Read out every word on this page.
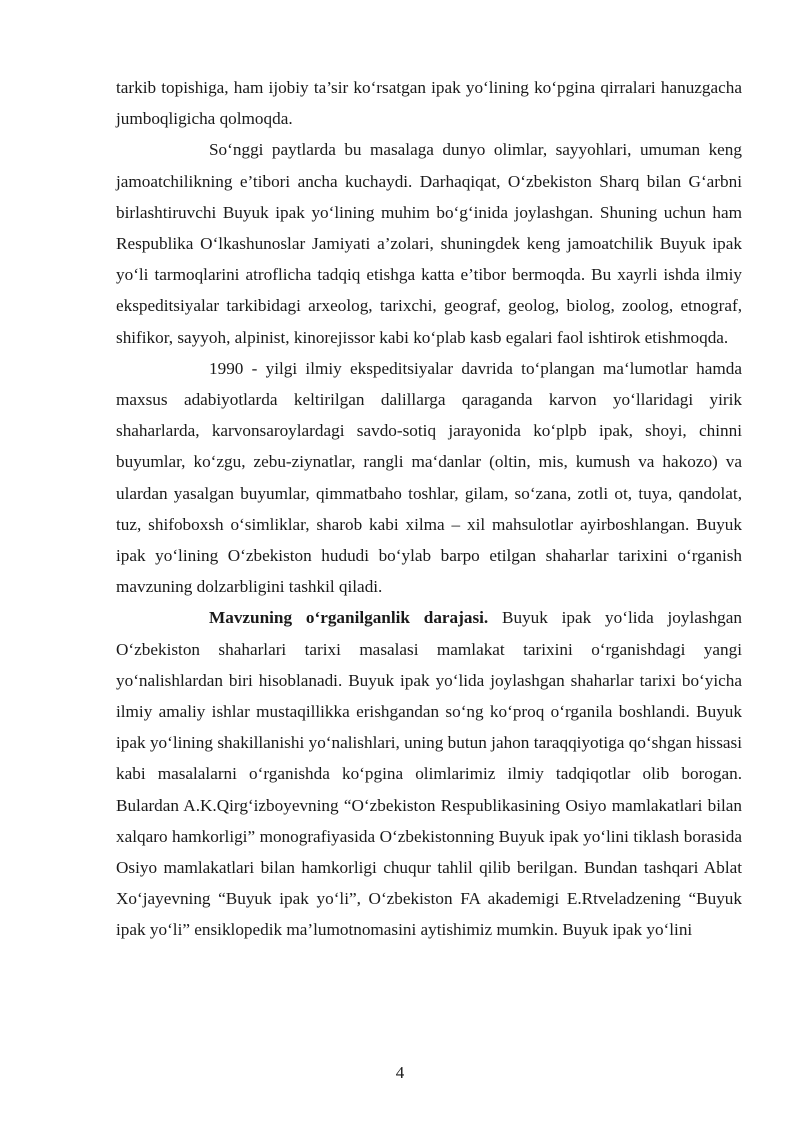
tarkib topishiga, ham ijobiy ta’sir ko‘rsatgan ipak yo‘lining ko‘pgina qirralari hanuzgacha jumboqligicha qolmoqda.

So‘nggi paytlarda bu masalaga dunyo olimlar, sayyohlari, umuman keng jamoatchilikning e’tibori ancha kuchaydi. Darhaqiqat, O‘zbekiston Sharq bilan G‘arbni birlashtiruvchi Buyuk ipak yo‘lining muhim bo‘g‘inida joylashgan. Shuning uchun ham Respublika O‘lkashunoslar Jamiyati a’zolari, shuningdek keng jamoatchilik Buyuk ipak yo‘li tarmoqlarini atroflicha tadqiq etishga katta e’tibor bermoqda. Bu xayrli ishda ilmiy ekspeditsiyalar tarkibidagi arxeolog, tarixchi, geograf, geolog, biolog, zoolog, etnograf, shifikor, sayyoh, alpinist, kinorejissor kabi ko‘plab kasb egalari faol ishtirok etishmoqda.

1990 - yilgi ilmiy ekspeditsiyalar davrida to‘plangan ma‘lumotlar hamda maxsus adabiyotlarda keltirilgan dalillarga qaraganda karvon yo‘llaridagi yirik shaharlarda, karvonsaroylardagi savdo-sotiq jarayonida ko‘plpb ipak, shoyi, chinni buyumlar, ko‘zgu, zebu-ziynatlar, rangli ma‘danlar (oltin, mis, kumush va hakozo) va ulardan yasalgan buyumlar, qimmatbaho toshlar, gilam, so‘zana, zotli ot, tuya, qandolat, tuz, shifoboxsh o‘simliklar, sharob kabi xilma – xil mahsulotlar ayirboshlangan. Buyuk ipak yo‘lining O‘zbekiston hududi bo‘ylab barpo etilgan shaharlar tarixini o‘rganish mavzuning dolzarbligini tashkil qiladi.

Mavzuning o‘rganilganlik darajasi. Buyuk ipak yo‘lida joylashgan O‘zbekiston shaharlari tarixi masalasi mamlakat tarixini o‘rganishdagi yangi yo‘nalishlardan biri hisoblanadi. Buyuk ipak yo‘lida joylashgan shaharlar tarixi bo‘yicha ilmiy amaliy ishlar mustaqillikka erishgandan so‘ng ko‘proq o‘rganila boshlandi. Buyuk ipak yo‘lining shakillanishi yo‘nalishlari, uning butun jahon taraqqiyotiga qo‘shgan hissasi kabi masalalarni o‘rganishda ko‘pgina olimlarimiz ilmiy tadqiqotlar olib borogan. Bulardan A.K.Qirg‘izboyevning “O‘zbekiston Respublikasining Osiyo mamlakatlari bilan xalqaro hamkorligi” monografiyasida O‘zbekistonning Buyuk ipak yo‘lini tiklash borasida Osiyo mamlakatlari bilan hamkorligi chuqur tahlil qilib berilgan. Bundan tashqari Ablat Xo‘jayevning “Buyuk ipak yo‘li”, O‘zbekiston FA akademigi E.Rtveladzening “Buyuk ipak yo‘li” ensiklopedik ma’lumotnomasini aytishimiz mumkin. Buyuk ipak yo‘lini

4
